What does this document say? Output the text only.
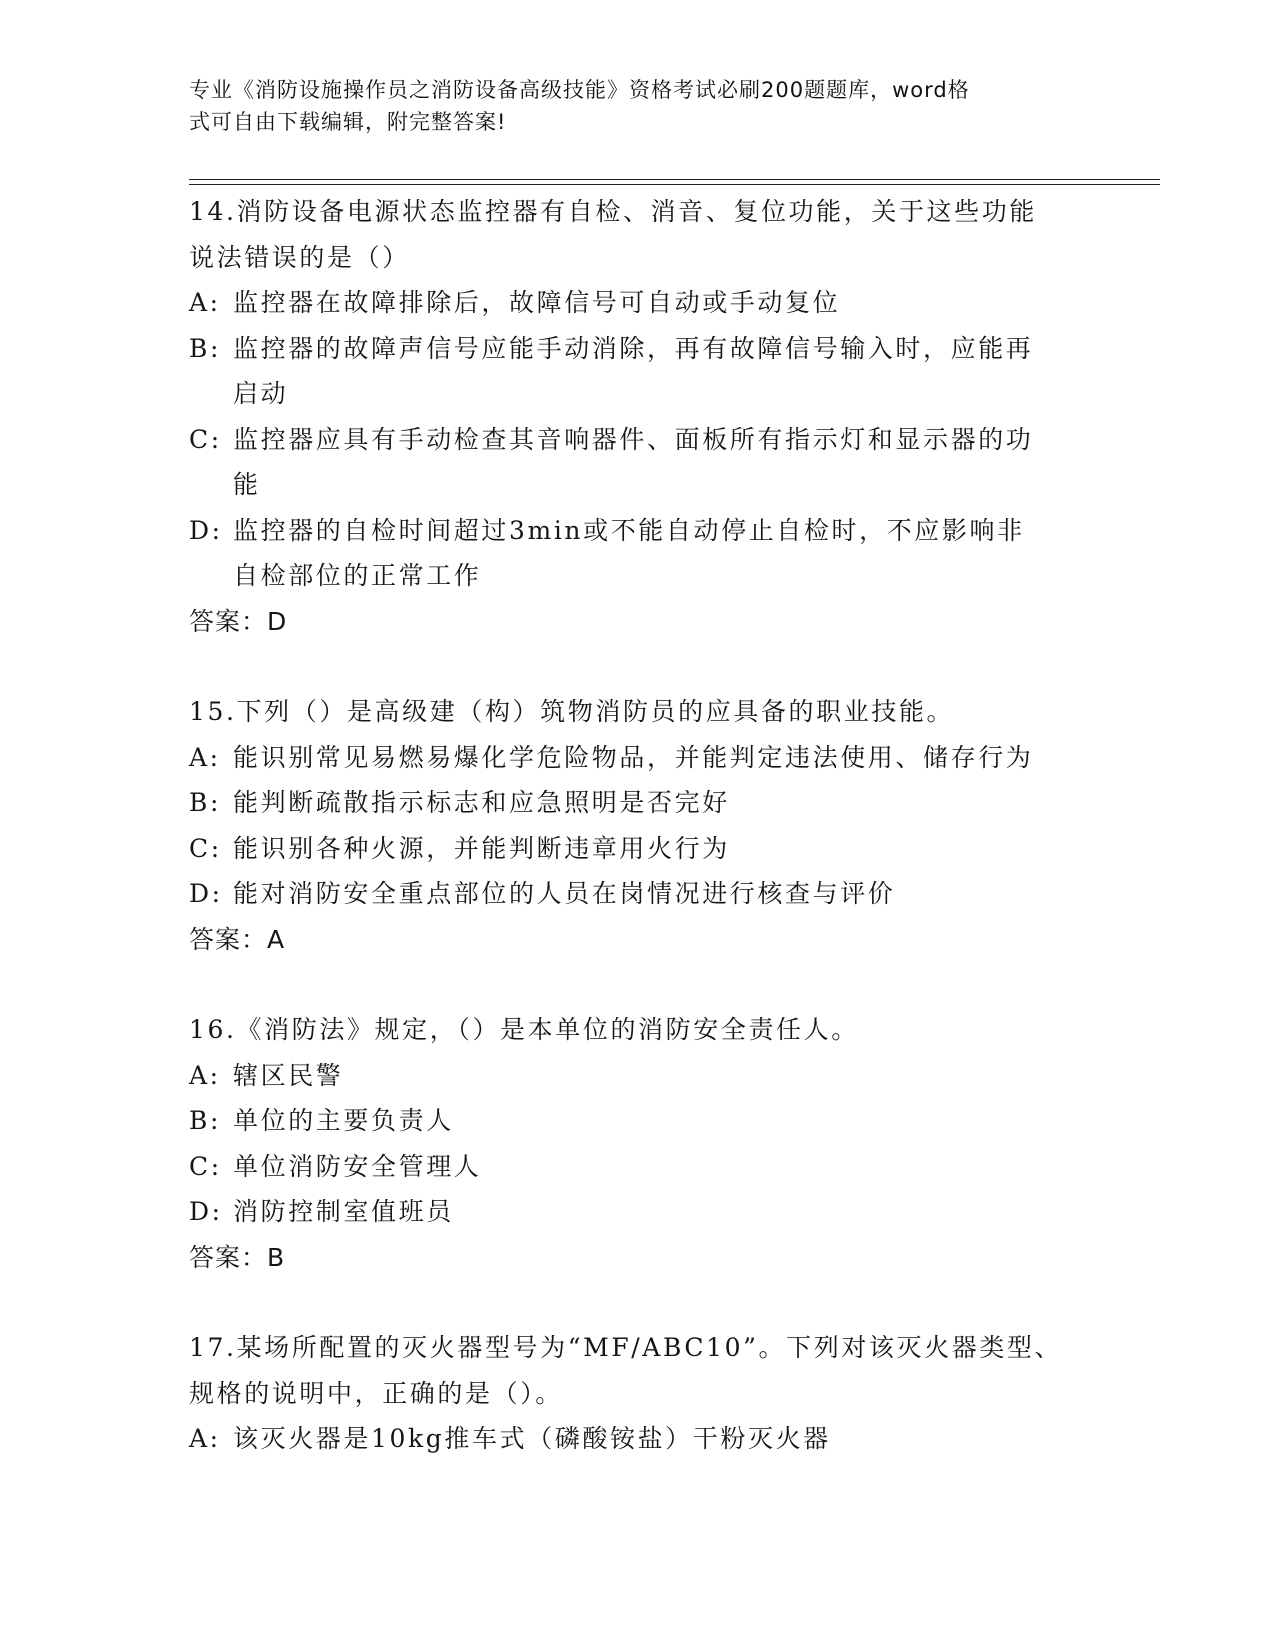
专业《消防设施操作员之消防设备高级技能》资格考试必刷200题题库，word格
式可自由下载编辑，附完整答案!
14.消防设备电源状态监控器有自检、消音、复位功能，关于这些功能
说法错误的是（）
A: 监控器在故障排除后，故障信号可自动或手动复位
B: 监控器的故障声信号应能手动消除，再有故障信号输入时，应能再
启动
C: 监控器应具有手动检查其音响器件、面板所有指示灯和显示器的功
能
D: 监控器的自检时间超过3min或不能自动停止自检时，不应影响非
自检部位的正常工作
答案：D
15.下列（）是高级建（构）筑物消防员的应具备的职业技能。
A: 能识别常见易燃易爆化学危险物品，并能判定违法使用、储存行为
B: 能判断疏散指示标志和应急照明是否完好
C: 能识别各种火源，并能判断违章用火行为
D: 能对消防安全重点部位的人员在岗情况进行核查与评价
答案：A
16.《消防法》规定，（）是本单位的消防安全责任人。
A: 辖区民警
B: 单位的主要负责人
C: 单位消防安全管理人
D: 消防控制室值班员
答案：B
17.某场所配置的灭火器型号为“MF/ABC10”。下列对该灭火器类型、
规格的说明中，正确的是（）。
A: 该灭火器是10kg推车式（磷酸铵盐）干粉灭火器
